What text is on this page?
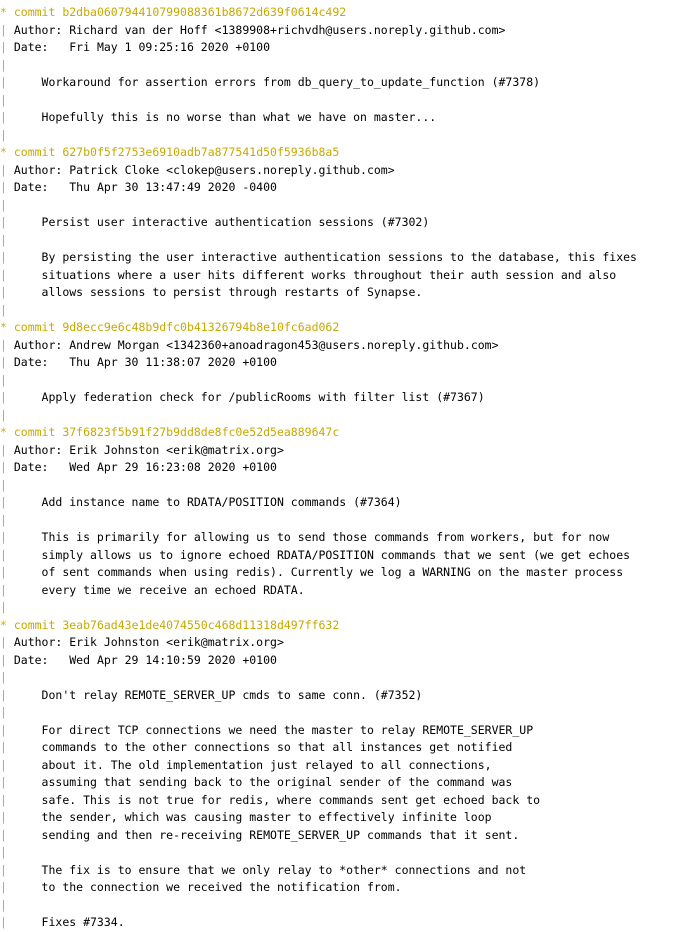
* commit b2dba060794410799088361b8672d639f0614c492
| Author: Richard van der Hoff <1389908+richvdh@users.noreply.github.com>
| Date:   Fri May 1 09:25:16 2020 +0100
|
|     Workaround for assertion errors from db_query_to_update_function (#7378)
|
|     Hopefully this is no worse than what we have on master...
|
* commit 627b0f5f2753e6910adb7a877541d50f5936b8a5
| Author: Patrick Cloke <clokep@users.noreply.github.com>
| Date:   Thu Apr 30 13:47:49 2020 -0400
|
|     Persist user interactive authentication sessions (#7302)
|
|     By persisting the user interactive authentication sessions to the database, this fixes
|     situations where a user hits different works throughout their auth session and also
|     allows sessions to persist through restarts of Synapse.
|
* commit 9d8ecc9e6c48b9dfc0b41326794b8e10fc6ad062
| Author: Andrew Morgan <1342360+anoadragon453@users.noreply.github.com>
| Date:   Thu Apr 30 11:38:07 2020 +0100
|
|     Apply federation check for /publicRooms with filter list (#7367)
|
* commit 37f6823f5b91f27b9dd8de8fc0e52d5ea889647c
| Author: Erik Johnston <erik@matrix.org>
| Date:   Wed Apr 29 16:23:08 2020 +0100
|
|     Add instance name to RDATA/POSITION commands (#7364)
|
|     This is primarily for allowing us to send those commands from workers, but for now
|     simply allows us to ignore echoed RDATA/POSITION commands that we sent (we get echoes
|     of sent commands when using redis). Currently we log a WARNING on the master process
|     every time we receive an echoed RDATA.
|
* commit 3eab76ad43e1de4074550c468d11318d497ff632
| Author: Erik Johnston <erik@matrix.org>
| Date:   Wed Apr 29 14:10:59 2020 +0100
|
|     Don't relay REMOTE_SERVER_UP cmds to same conn. (#7352)
|
|     For direct TCP connections we need the master to relay REMOTE_SERVER_UP
|     commands to the other connections so that all instances get notified
|     about it. The old implementation just relayed to all connections,
|     assuming that sending back to the original sender of the command was
|     safe. This is not true for redis, where commands sent get echoed back to
|     the sender, which was causing master to effectively infinite loop
|     sending and then re-receiving REMOTE_SERVER_UP commands that it sent.
|
|     The fix is to ensure that we only relay to *other* connections and not
|     to the connection we received the notification from.
|
|     Fixes #7334.
